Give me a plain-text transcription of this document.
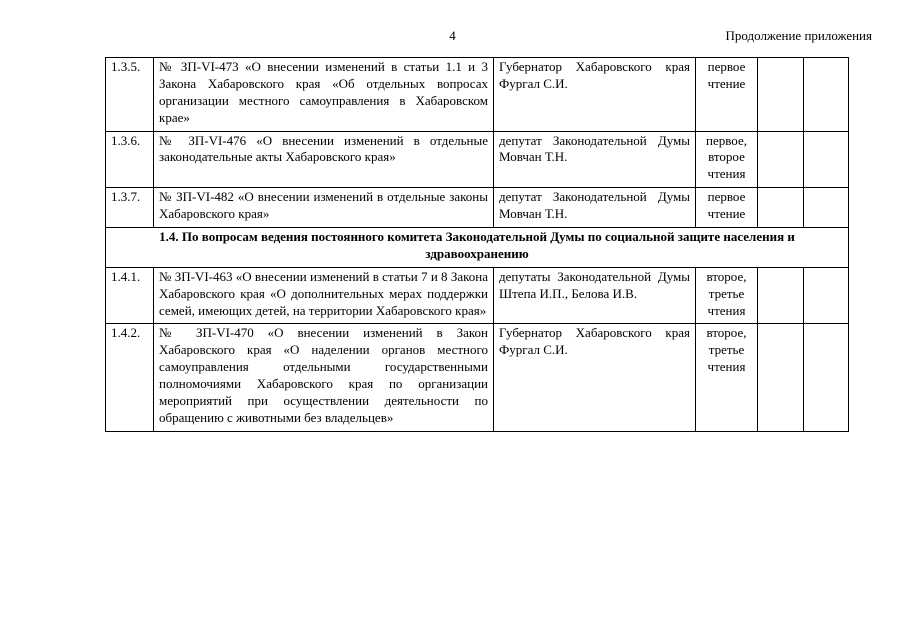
4	Продолжение приложения
1.3.5.	№ ЗП-VI-473 «О внесении изменений в статьи 1.1 и 3 Закона Хабаровского края «Об отдельных вопросах организации местного самоуправления в Хабаровском крае»	Губернатор Хабаровского края Фургал С.И.	первое чтение		
1.3.6.	№ ЗП-VI-476 «О внесении изменений в отдельные законодательные акты Хабаровского края»	депутат Законодательной Думы Мовчан Т.Н.	первое, второе чтения		
1.3.7.	№ ЗП-VI-482 «О внесении изменений в отдельные законы Хабаровского края»	депутат Законодательной Думы Мовчан Т.Н.	первое чтение		
1.4. По вопросам ведения постоянного комитета Законодательной Думы по социальной защите населения и здравоохранению					
1.4.1.	№ ЗП-VI-463 «О внесении изменений в статьи 7 и 8 Закона Хабаровского края «О дополнительных мерах поддержки семей, имеющих детей, на территории Хабаровского края»	депутаты Законодательной Думы Штепа И.П., Белова И.В.	второе, третье чтения		
1.4.2.	№ ЗП-VI-470 «О внесении изменений в Закон Хабаровского края «О наделении органов местного самоуправления отдельными государственными полномочиями Хабаровского края по организации мероприятий при осуществлении деятельности по обращению с животными без владельцев»	Губернатор Хабаровского края Фургал С.И.	второе, третье чтения		
